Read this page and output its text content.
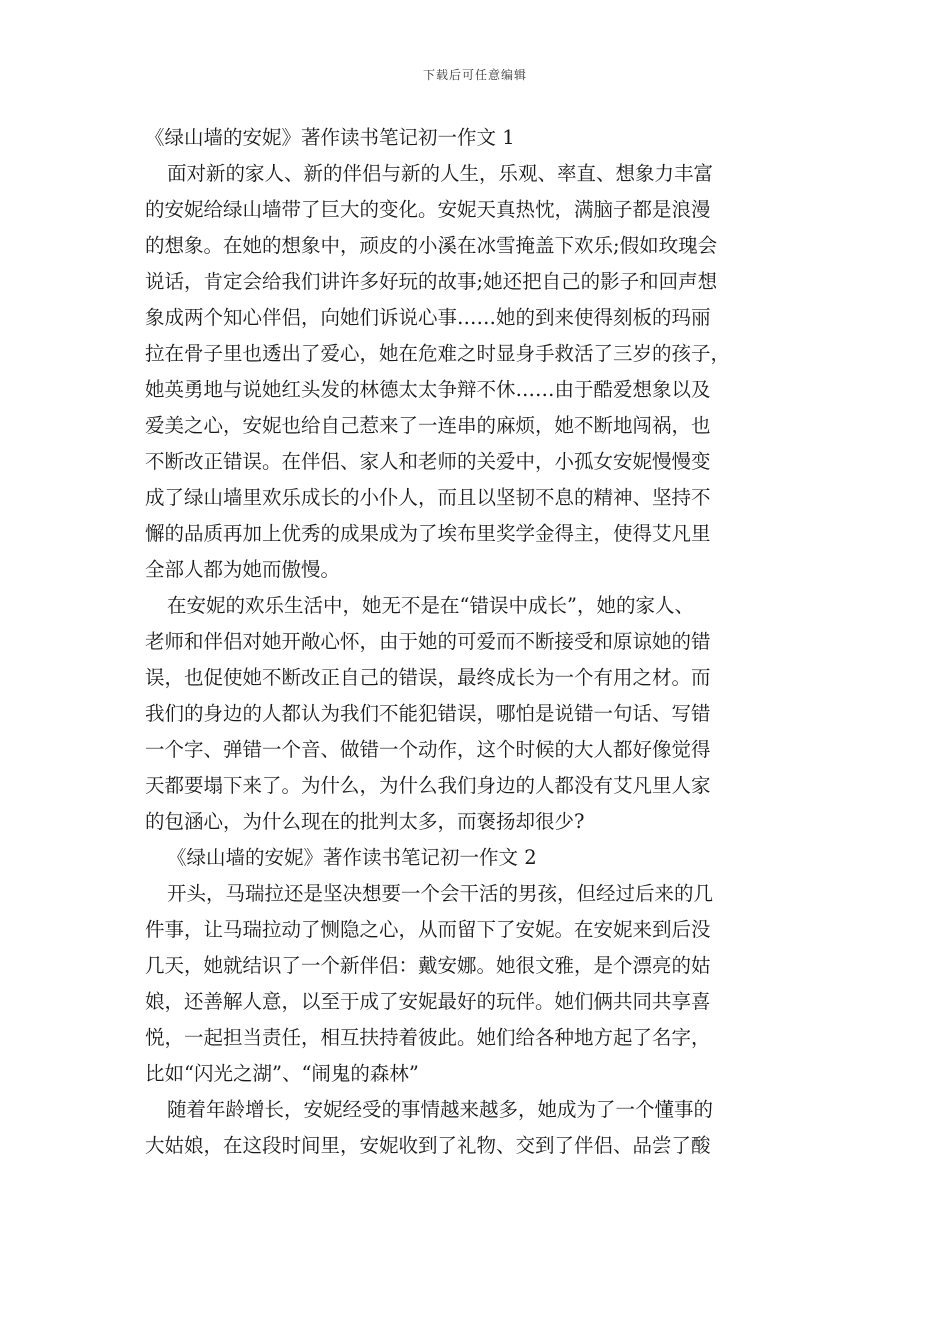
下载后可任意编辑
《绿山墙的安妮》著作读书笔记初一作文 1

面对新的家人、新的伴侣与新的人生，乐观、率直、想象力丰富
的安妮给绿山墙带了巨大的变化。安妮天真热忱，满脑子都是浪漫
的想象。在她的想象中，顽皮的小溪在冰雪掩盖下欢乐;假如玫瑰会
说话，肯定会给我们讲许多好玩的故事;她还把自己的影子和回声想
象成两个知心伴侣，向她们诉说心事……她的到来使得刻板的玛丽
拉在骨子里也透出了爱心，她在危难之时显身手救活了三岁的孩子，
她英勇地与说她红头发的林德太太争辩不休……由于酷爱想象以及
爱美之心，安妮也给自己惹来了一连串的麻烦，她不断地闯祸，也
不断改正错误。在伴侣、家人和老师的关爱中，小孤女安妮慢慢变
成了绿山墙里欢乐成长的小仆人，而且以坚韧不息的精神、坚持不
懈的品质再加上优秀的成果成为了埃布里奖学金得主，使得艾凡里
全部人都为她而傲慢。

在安妮的欢乐生活中，她无不是在“错误中成长”，她的家人、
老师和伴侣对她开敞心怀，由于她的可爱而不断接受和原谅她的错
误，也促使她不断改正自己的错误，最终成长为一个有用之材。而
我们的身边的人都认为我们不能犯错误，哪怕是说错一句话、写错
一个字、弹错一个音、做错一个动作，这个时候的大人都好像觉得
天都要塌下来了。为什么，为什么我们身边的人都没有艾凡里人家
的包涵心，为什么现在的批判太多，而褒扬却很少?

《绿山墙的安妮》著作读书笔记初一作文 2

开头，马瑞拉还是坚决想要一个会干活的男孩，但经过后来的几
件事，让马瑞拉动了恻隐之心，从而留下了安妮。在安妮来到后没
几天，她就结识了一个新伴侣：戴安娜。她很文雅，是个漂亮的姑
娘，还善解人意，以至于成了安妮最好的玩伴。她们俩共同共享喜
悦，一起担当责任，相互扶持着彼此。她们给各种地方起了名字，
比如“闪光之湖”、“闹鬼的森林”

随着年龄增长，安妮经受的事情越来越多，她成为了一个懂事的
大姑娘，在这段时间里，安妮收到了礼物、交到了伴侣、品尝了酸
